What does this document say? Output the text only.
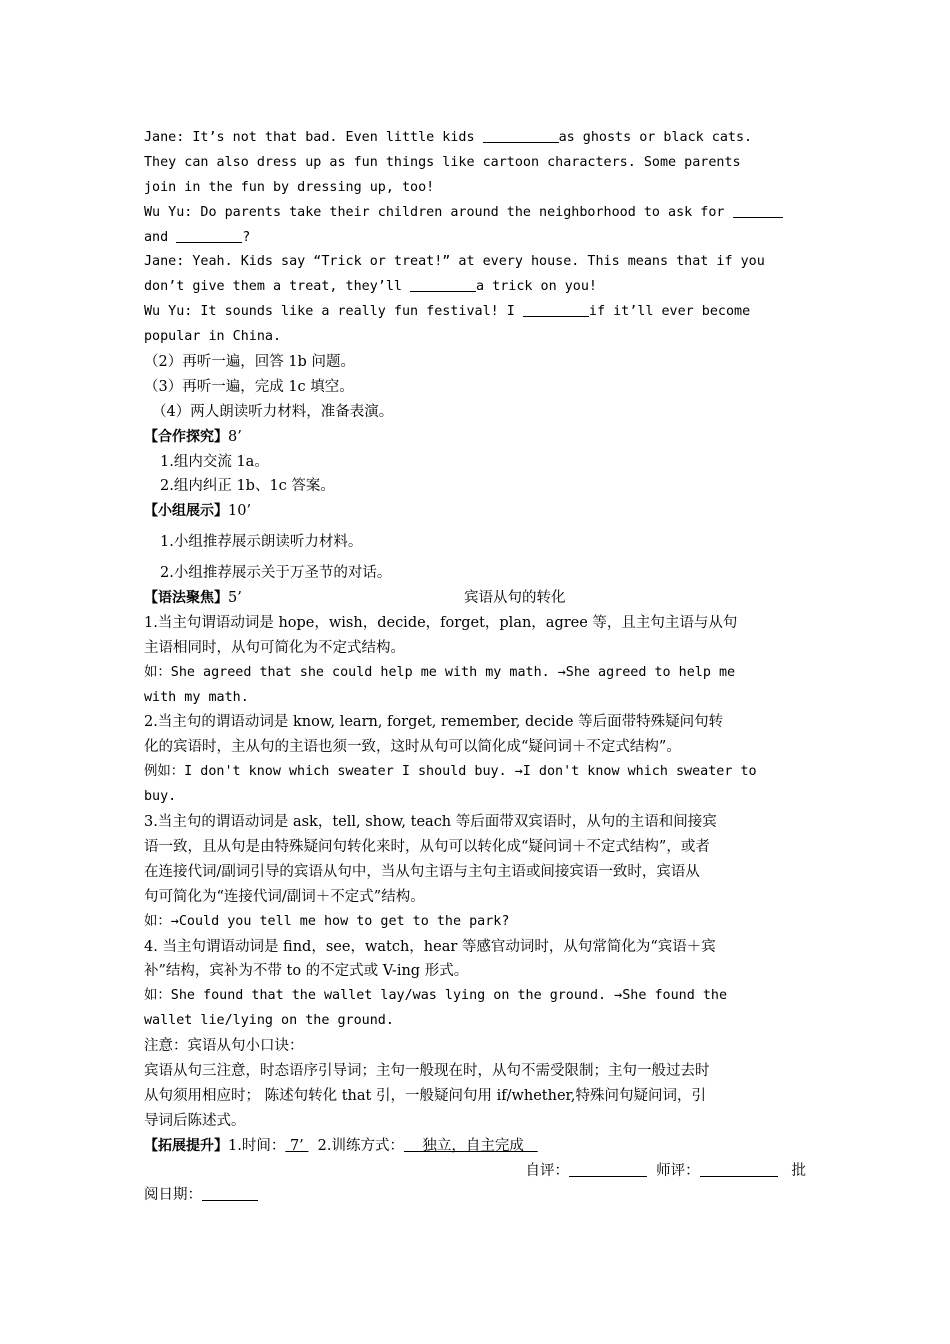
Jane: It’s not that bad. Even little kids	as ghosts or black cats.
They can also dress up as fun things like cartoon characters. Some parents
join in the fun by dressing up, too!
Wu Yu: Do parents take their children around the neighborhood to ask for
and	?
Jane: Yeah. Kids say “Trick or treat!” at every house. This means that if you
don’t give them a treat, they’ll	a trick on you!
Wu Yu: It sounds like a really fun festival! I	if it’ll ever become
popular in China.
（2）再听一遍，回答 1b 问题。
（3）再听一遍，完成 1c 填空。
（4）两人朗读听力材料，准备表演。
【合作探究】8’
1.组内交流 1a。
2.组内纠正 1b、1c 答案。
【小组展示】10’
1.小组推荐展示朗读听力材料。
2.小组推荐展示关于万圣节的对话。
【语法聚焦】5’	宾语从句的转化
1.当主句谓语动词是 hope，wish，decide，forget，plan，agree 等，且主句主语与从句
主语相同时，从句可简化为不定式结构。
如：She agreed that she could help me with my math. →She agreed to help me
with my math.
2.当主句的谓语动词是 know, learn, forget, remember, decide 等后面带特殊疑问句转
化的宾语时，主从句的主语也须一致，这时从句可以简化成“疑问词＋不定式结构”。
例如：I don't know which sweater I should buy. →I don't know which sweater to
buy.
3.当主句的谓语动词是 ask，tell, show, teach 等后面带双宾语时，从句的主语和间接宾
语一致，且从句是由特殊疑问句转化来时，从句可以转化成“疑问词＋不定式结构”，或者
在连接代词/副词引导的宾语从句中，当从句主语与主句主语或间接宾语一致时，宾语从
句可简化为“连接代词/副词＋不定式”结构。
如：→Could you tell me how to get to the park?
4. 当主句谓语动词是 find，see，watch，hear 等感官动词时，从句常简化为“宾语＋宾
补”结构，宾补为不带 to 的不定式或 V-ing 形式。
如：She found that the wallet lay/was lying on the ground. →She found the
wallet lie/lying on the ground.
注意：宾语从句小口诀：
宾语从句三注意，时态语序引导词；主句一般现在时，从句不需受限制；主句一般过去时
从句须用相应时； 陈述句转化 that 引，一般疑问句用 if/whether,特殊问句疑问词，引
导词后陈述式。
【拓展提升】1.时间： 7’   2.训练方式：    独立，自主完成
自评：	师评：	批
阅日期：
